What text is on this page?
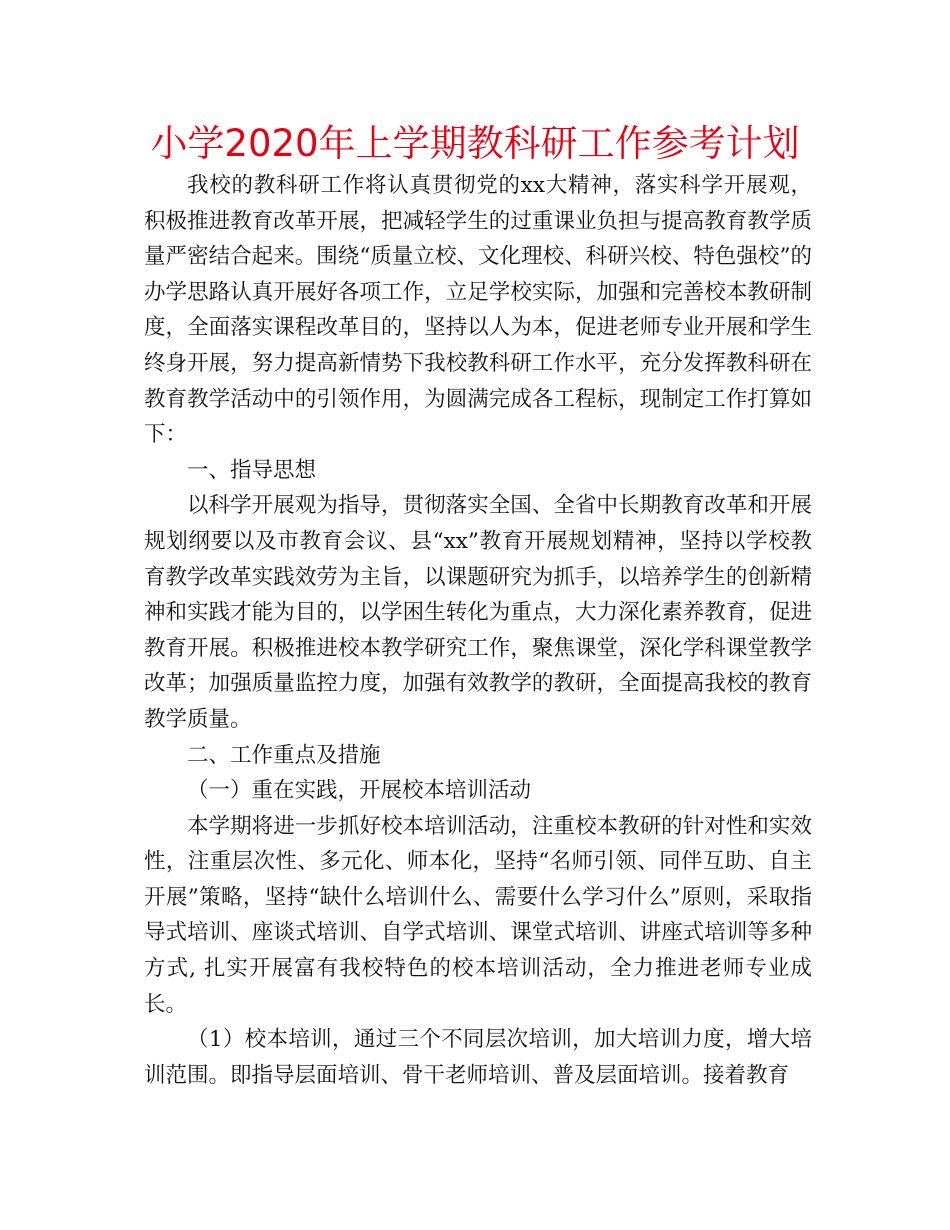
小学2020年上学期教科研工作参考计划

我校的教科研工作将认真贯彻党的xx大精神，落实科学开展观，积极推进教育改革开展，把减轻学生的过重课业负担与提高教育教学质量严密结合起来。围绕“质量立校、文化理校、科研兴校、特色强校”的办学思路认真开展好各项工作，立足学校实际，加强和完善校本教研制度，全面落实课程改革目的，坚持以人为本，促进老师专业开展和学生终身开展，努力提高新情势下我校教科研工作水平，充分发挥教科研在教育教学活动中的引领作用，为圆满完成各工程标，现制定工作打算如下：

一、指导思想

以科学开展观为指导，贯彻落实全国、全省中长期教育改革和开展规划纲要以及市教育会议、县“xx”教育开展规划精神，坚持以学校教育教学改革实践效劳为主旨，以课题研究为抓手，以培养学生的创新精神和实践才能为目的，以学困生转化为重点，大力深化素养教育，促进教育开展。积极推进校本教学研究工作，聚焦课堂，深化学科课堂教学改革；加强质量监控力度，加强有效教学的教研，全面提高我校的教育教学质量。

二、工作重点及措施

（一）重在实践，开展校本培训活动

本学期将进一步抓好校本培训活动，注重校本教研的针对性和实效性，注重层次性、多元化、师本化，坚持“名师引领、同伴互助、自主开展”策略，坚持“缺什么培训什么、需要什么学习什么”原则，采取指导式培训、座谈式培训、自学式培训、课堂式培训、讲座式培训等多种方式, 扎实开展富有我校特色的校本培训活动，全力推进老师专业成长。

（1）校本培训，通过三个不同层次培训，加大培训力度，增大培训范围。即指导层面培训、骨干老师培训、普及层面培训。接着教育
